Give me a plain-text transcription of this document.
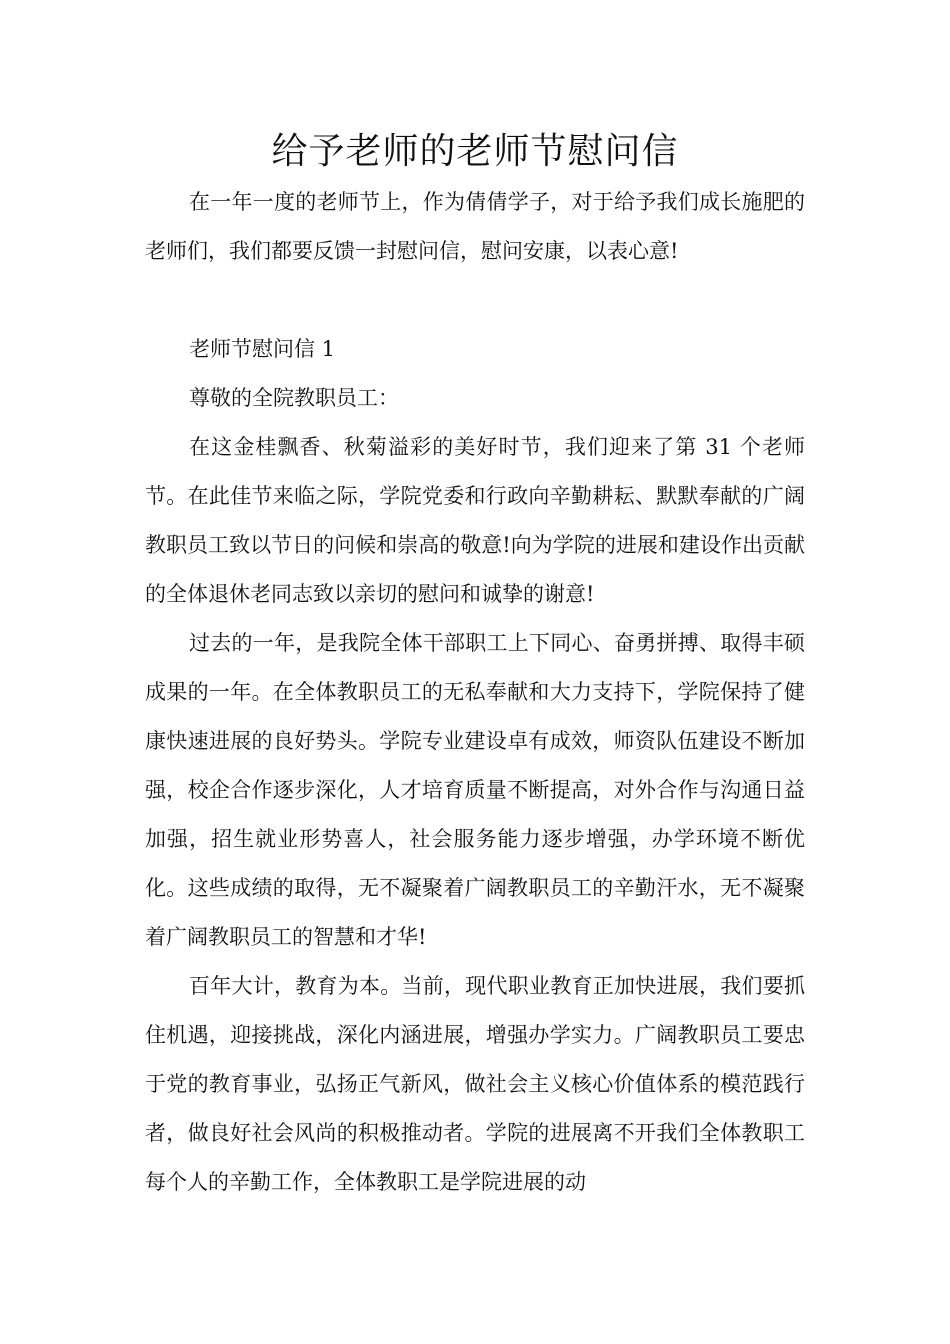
给予老师的老师节慰问信

在一年一度的老师节上，作为倩倩学子，对于给予我们成长施肥的老师们，我们都要反馈一封慰问信，慰问安康，以表心意!

老师节慰问信 1

尊敬的全院教职员工：

在这金桂飘香、秋菊溢彩的美好时节，我们迎来了第 31 个老师节。在此佳节来临之际，学院党委和行政向辛勤耕耘、默默奉献的广阔教职员工致以节日的问候和崇高的敬意!向为学院的进展和建设作出贡献的全体退休老同志致以亲切的慰问和诚挚的谢意!

过去的一年，是我院全体干部职工上下同心、奋勇拼搏、取得丰硕成果的一年。在全体教职员工的无私奉献和大力支持下，学院保持了健康快速进展的良好势头。学院专业建设卓有成效，师资队伍建设不断加强，校企合作逐步深化，人才培育质量不断提高，对外合作与沟通日益加强，招生就业形势喜人，社会服务能力逐步增强，办学环境不断优化。这些成绩的取得，无不凝聚着广阔教职员工的辛勤汗水，无不凝聚着广阔教职员工的智慧和才华!

百年大计，教育为本。当前，现代职业教育正加快进展，我们要抓住机遇，迎接挑战，深化内涵进展，增强办学实力。广阔教职员工要忠于党的教育事业，弘扬正气新风，做社会主义核心价值体系的模范践行者，做良好社会风尚的积极推动者。学院的进展离不开我们全体教职工每个人的辛勤工作，全体教职工是学院进展的动
